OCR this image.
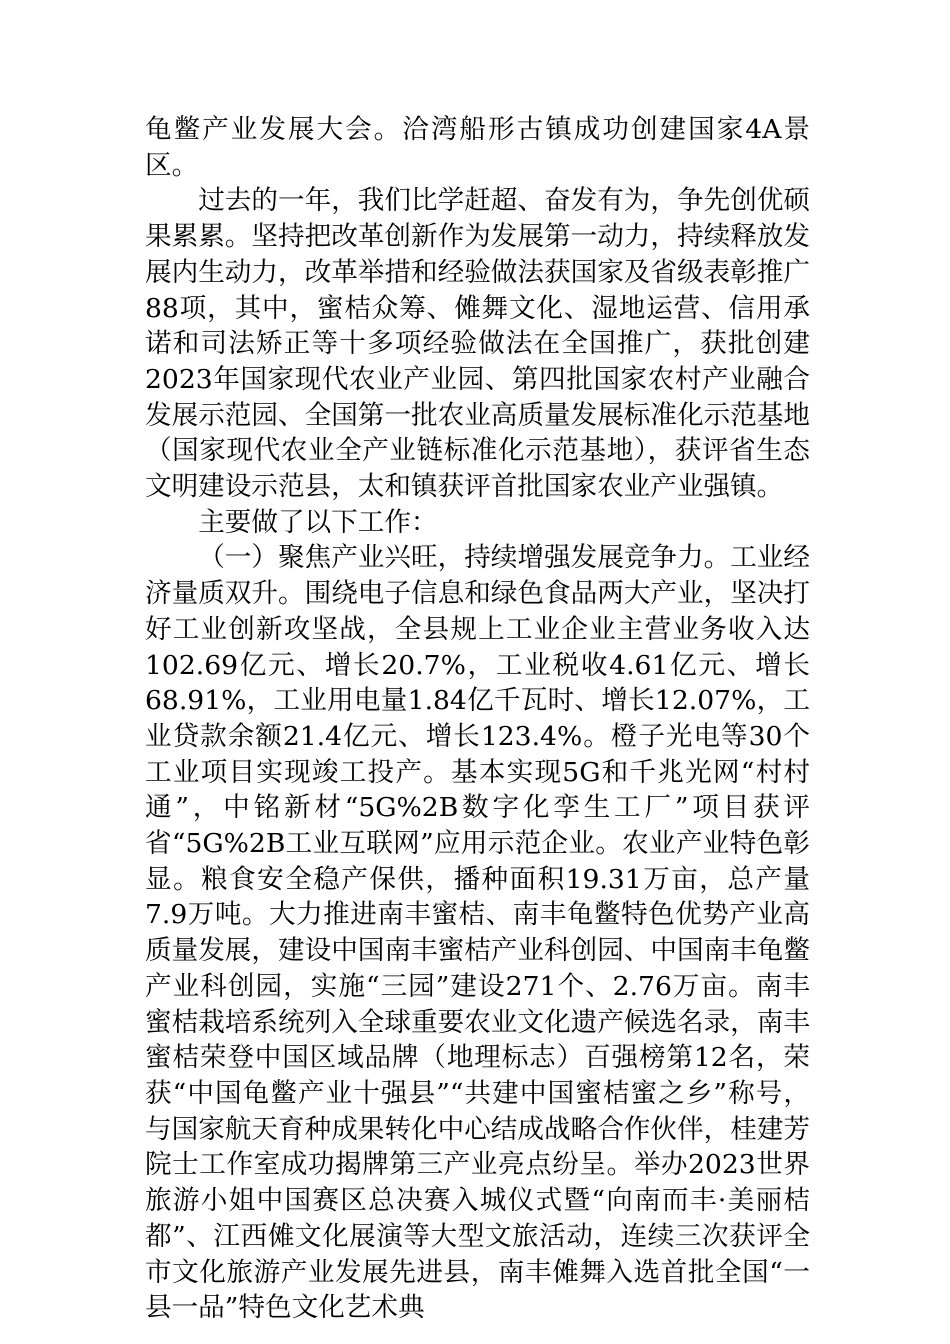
龟鳖产业发展大会。洽湾船形古镇成功创建国家4A景区。

过去的一年，我们比学赶超、奋发有为，争先创优硕果累累。坚持把改革创新作为发展第一动力，持续释放发展内生动力，改革举措和经验做法获国家及省级表彰推广88项，其中，蜜桔众筹、傩舞文化、湿地运营、信用承诺和司法矫正等十多项经验做法在全国推广，获批创建2023年国家现代农业产业园、第四批国家农村产业融合发展示范园、全国第一批农业高质量发展标准化示范基地（国家现代农业全产业链标准化示范基地），获评省生态文明建设示范县，太和镇获评首批国家农业产业强镇。

主要做了以下工作：

（一）聚焦产业兴旺，持续增强发展竞争力。工业经济量质双升。围绕电子信息和绿色食品两大产业，坚决打好工业创新攻坚战，全县规上工业企业主营业务收入达102.69亿元、增长20.7%，工业税收4.61亿元、增长68.91%，工业用电量1.84亿千瓦时、增长12.07%，工业贷款余额21.4亿元、增长123.4%。橙子光电等30个工业项目实现竣工投产。基本实现5G和千兆光网“村村通”，中铭新材“5G%2B数字化孪生工厂”项目获评省“5G%2B工业互联网”应用示范企业。农业产业特色彰显。粮食安全稳产保供，播种面积19.31万亩，总产量7.9万吨。大力推进南丰蜜桔、南丰龟鳖特色优势产业高质量发展，建设中国南丰蜜桔产业科创园、中国南丰龟鳖产业科创园，实施“三园”建设271个、2.76万亩。南丰蜜桔栽培系统列入全球重要农业文化遗产候选名录，南丰蜜桔荣登中国区域品牌（地理标志）百强榜第12名，荣获“中国龟鳖产业十强县”“共建中国蜜桔蜜之乡”称号，与国家航天育种成果转化中心结成战略合作伙伴，桂建芳院士工作室成功揭牌第三产业亮点纷呈。举办2023世界旅游小姐中国赛区总决赛入城仪式暨“向南而丰·美丽桔都”、江西傩文化展演等大型文旅活动，连续三次获评全市文化旅游产业发展先进县，南丰傩舞入选首批全国“一县一品”特色文化艺术典
